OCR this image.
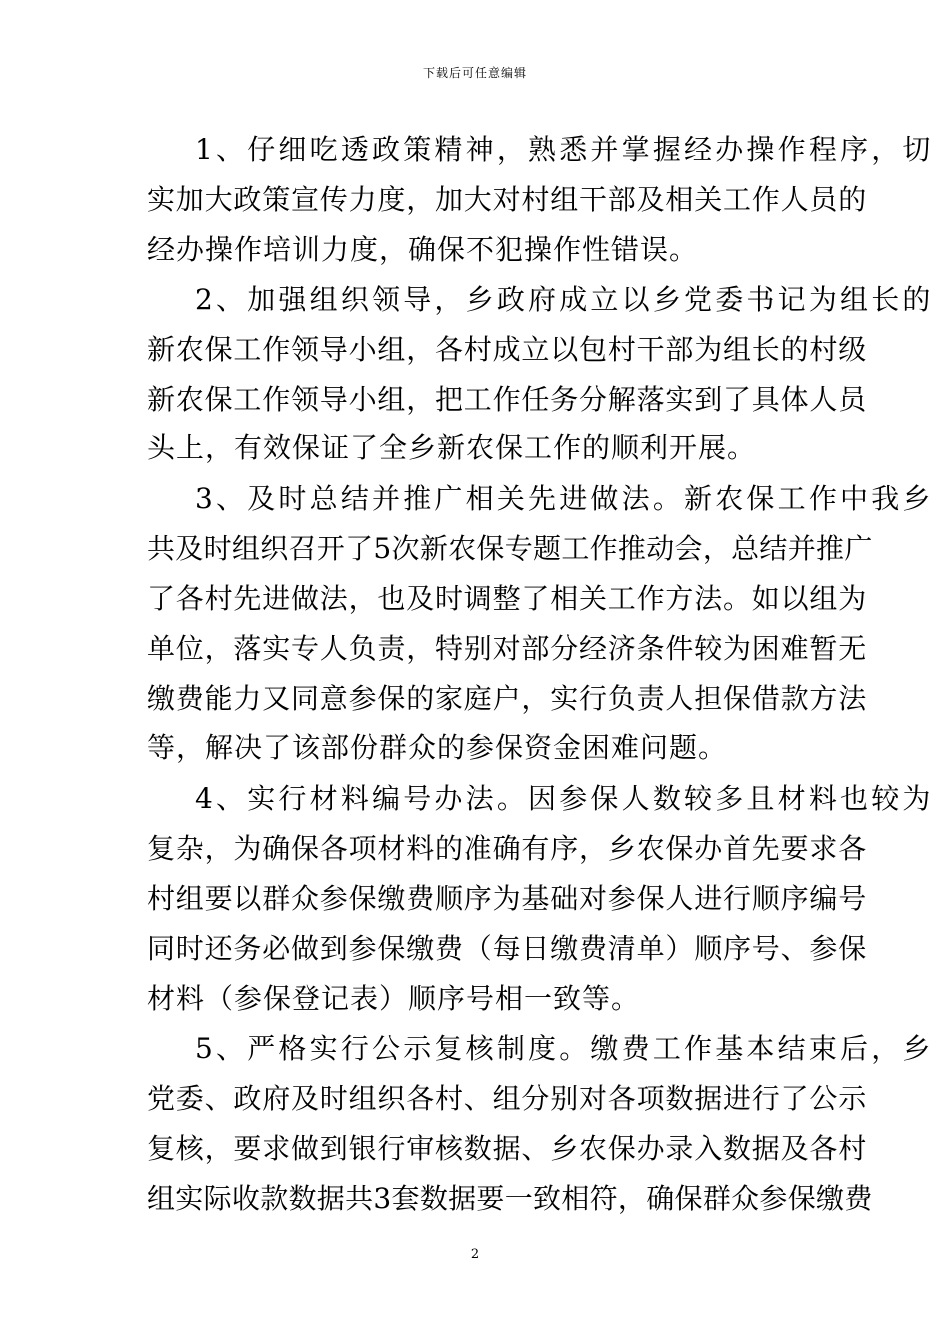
下载后可任意编辑
1、仔细吃透政策精神，熟悉并掌握经办操作程序，切
实加大政策宣传力度，加大对村组干部及相关工作人员的
经办操作培训力度，确保不犯操作性错误。
2、加强组织领导，乡政府成立以乡党委书记为组长的
新农保工作领导小组，各村成立以包村干部为组长的村级
新农保工作领导小组，把工作任务分解落实到了具体人员
头上，有效保证了全乡新农保工作的顺利开展。
3、及时总结并推广相关先进做法。新农保工作中我乡
共及时组织召开了5次新农保专题工作推动会，总结并推广
了各村先进做法，也及时调整了相关工作方法。如以组为
单位，落实专人负责，特别对部分经济条件较为困难暂无
缴费能力又同意参保的家庭户，实行负责人担保借款方法
等，解决了该部份群众的参保资金困难问题。
4、实行材料编号办法。因参保人数较多且材料也较为
复杂，为确保各项材料的准确有序，乡农保办首先要求各
村组要以群众参保缴费顺序为基础对参保人进行顺序编号
同时还务必做到参保缴费（每日缴费清单）顺序号、参保
材料（参保登记表）顺序号相一致等。
5、严格实行公示复核制度。缴费工作基本结束后，乡
党委、政府及时组织各村、组分别对各项数据进行了公示
复核，要求做到银行审核数据、乡农保办录入数据及各村
组实际收款数据共3套数据要一致相符，确保群众参保缴费
2
